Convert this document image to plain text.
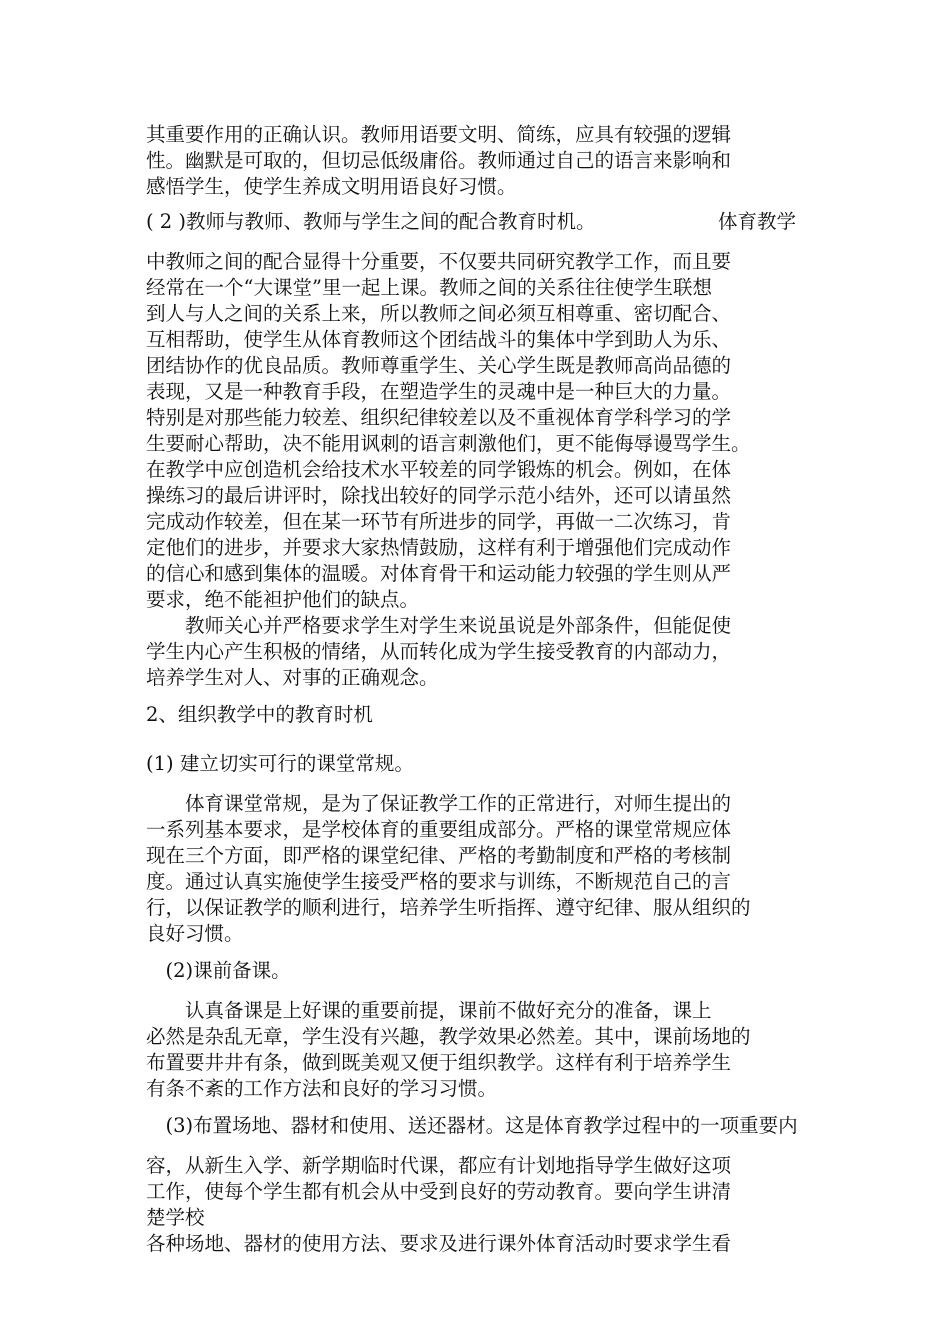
其重要作用的正确认识。教师用语要文明、简练，应具有较强的逻辑
性。幽默是可取的，但切忌低级庸俗。教师通过自己的语言来影响和
感悟学生，使学生养成文明用语良好习惯。
( 2 )教师与教师、教师与学生之间的配合教育时机。	体育教学
中教师之间的配合显得十分重要，不仅要共同研究教学工作，而且要
经常在一个“大课堂”里一起上课。教师之间的关系往往使学生联想
到人与人之间的关系上来，所以教师之间必须互相尊重、密切配合、
互相帮助，使学生从体育教师这个团结战斗的集体中学到助人为乐、
团结协作的优良品质。教师尊重学生、关心学生既是教师高尚品德的
表现，又是一种教育手段，在塑造学生的灵魂中是一种巨大的力量。
特别是对那些能力较差、组织纪律较差以及不重视体育学科学习的学
生要耐心帮助，决不能用讽刺的语言刺激他们，更不能侮辱谩骂学生。
在教学中应创造机会给技术水平较差的同学锻炼的机会。例如，在体
操练习的最后讲评时，除找出较好的同学示范小结外，还可以请虽然
完成动作较差，但在某一环节有所进步的同学，再做一二次练习，肯
定他们的进步，并要求大家热情鼓励，这样有利于增强他们完成动作
的信心和感到集体的温暖。对体育骨干和运动能力较强的学生则从严
要求，绝不能袒护他们的缺点。
　　教师关心并严格要求学生对学生来说虽说是外部条件，但能促使
学生内心产生积极的情绪，从而转化成为学生接受教育的内部动力，
培养学生对人、对事的正确观念。
2、组织教学中的教育时机
(1) 建立切实可行的课堂常规。
　　体育课堂常规，是为了保证教学工作的正常进行，对师生提出的
一系列基本要求，是学校体育的重要组成部分。严格的课堂常规应体
现在三个方面，即严格的课堂纪律、严格的考勤制度和严格的考核制
度。通过认真实施使学生接受严格的要求与训练，不断规范自己的言
行，以保证教学的顺利进行，培养学生听指挥、遵守纪律、服从组织的
良好习惯。
　(2)课前备课。
　　认真备课是上好课的重要前提，课前不做好充分的准备，课上
必然是杂乱无章，学生没有兴趣，教学效果必然差。其中，课前场地的
布置要井井有条，做到既美观又便于组织教学。这样有利于培养学生
有条不紊的工作方法和良好的学习习惯。
　(3)布置场地、器材和使用、送还器材。这是体育教学过程中的一项重要内
容，从新生入学、新学期临时代课，都应有计划地指导学生做好这项
工作，使每个学生都有机会从中受到良好的劳动教育。要向学生讲清
楚学校
各种场地、器材的使用方法、要求及进行课外体育活动时要求学生看
